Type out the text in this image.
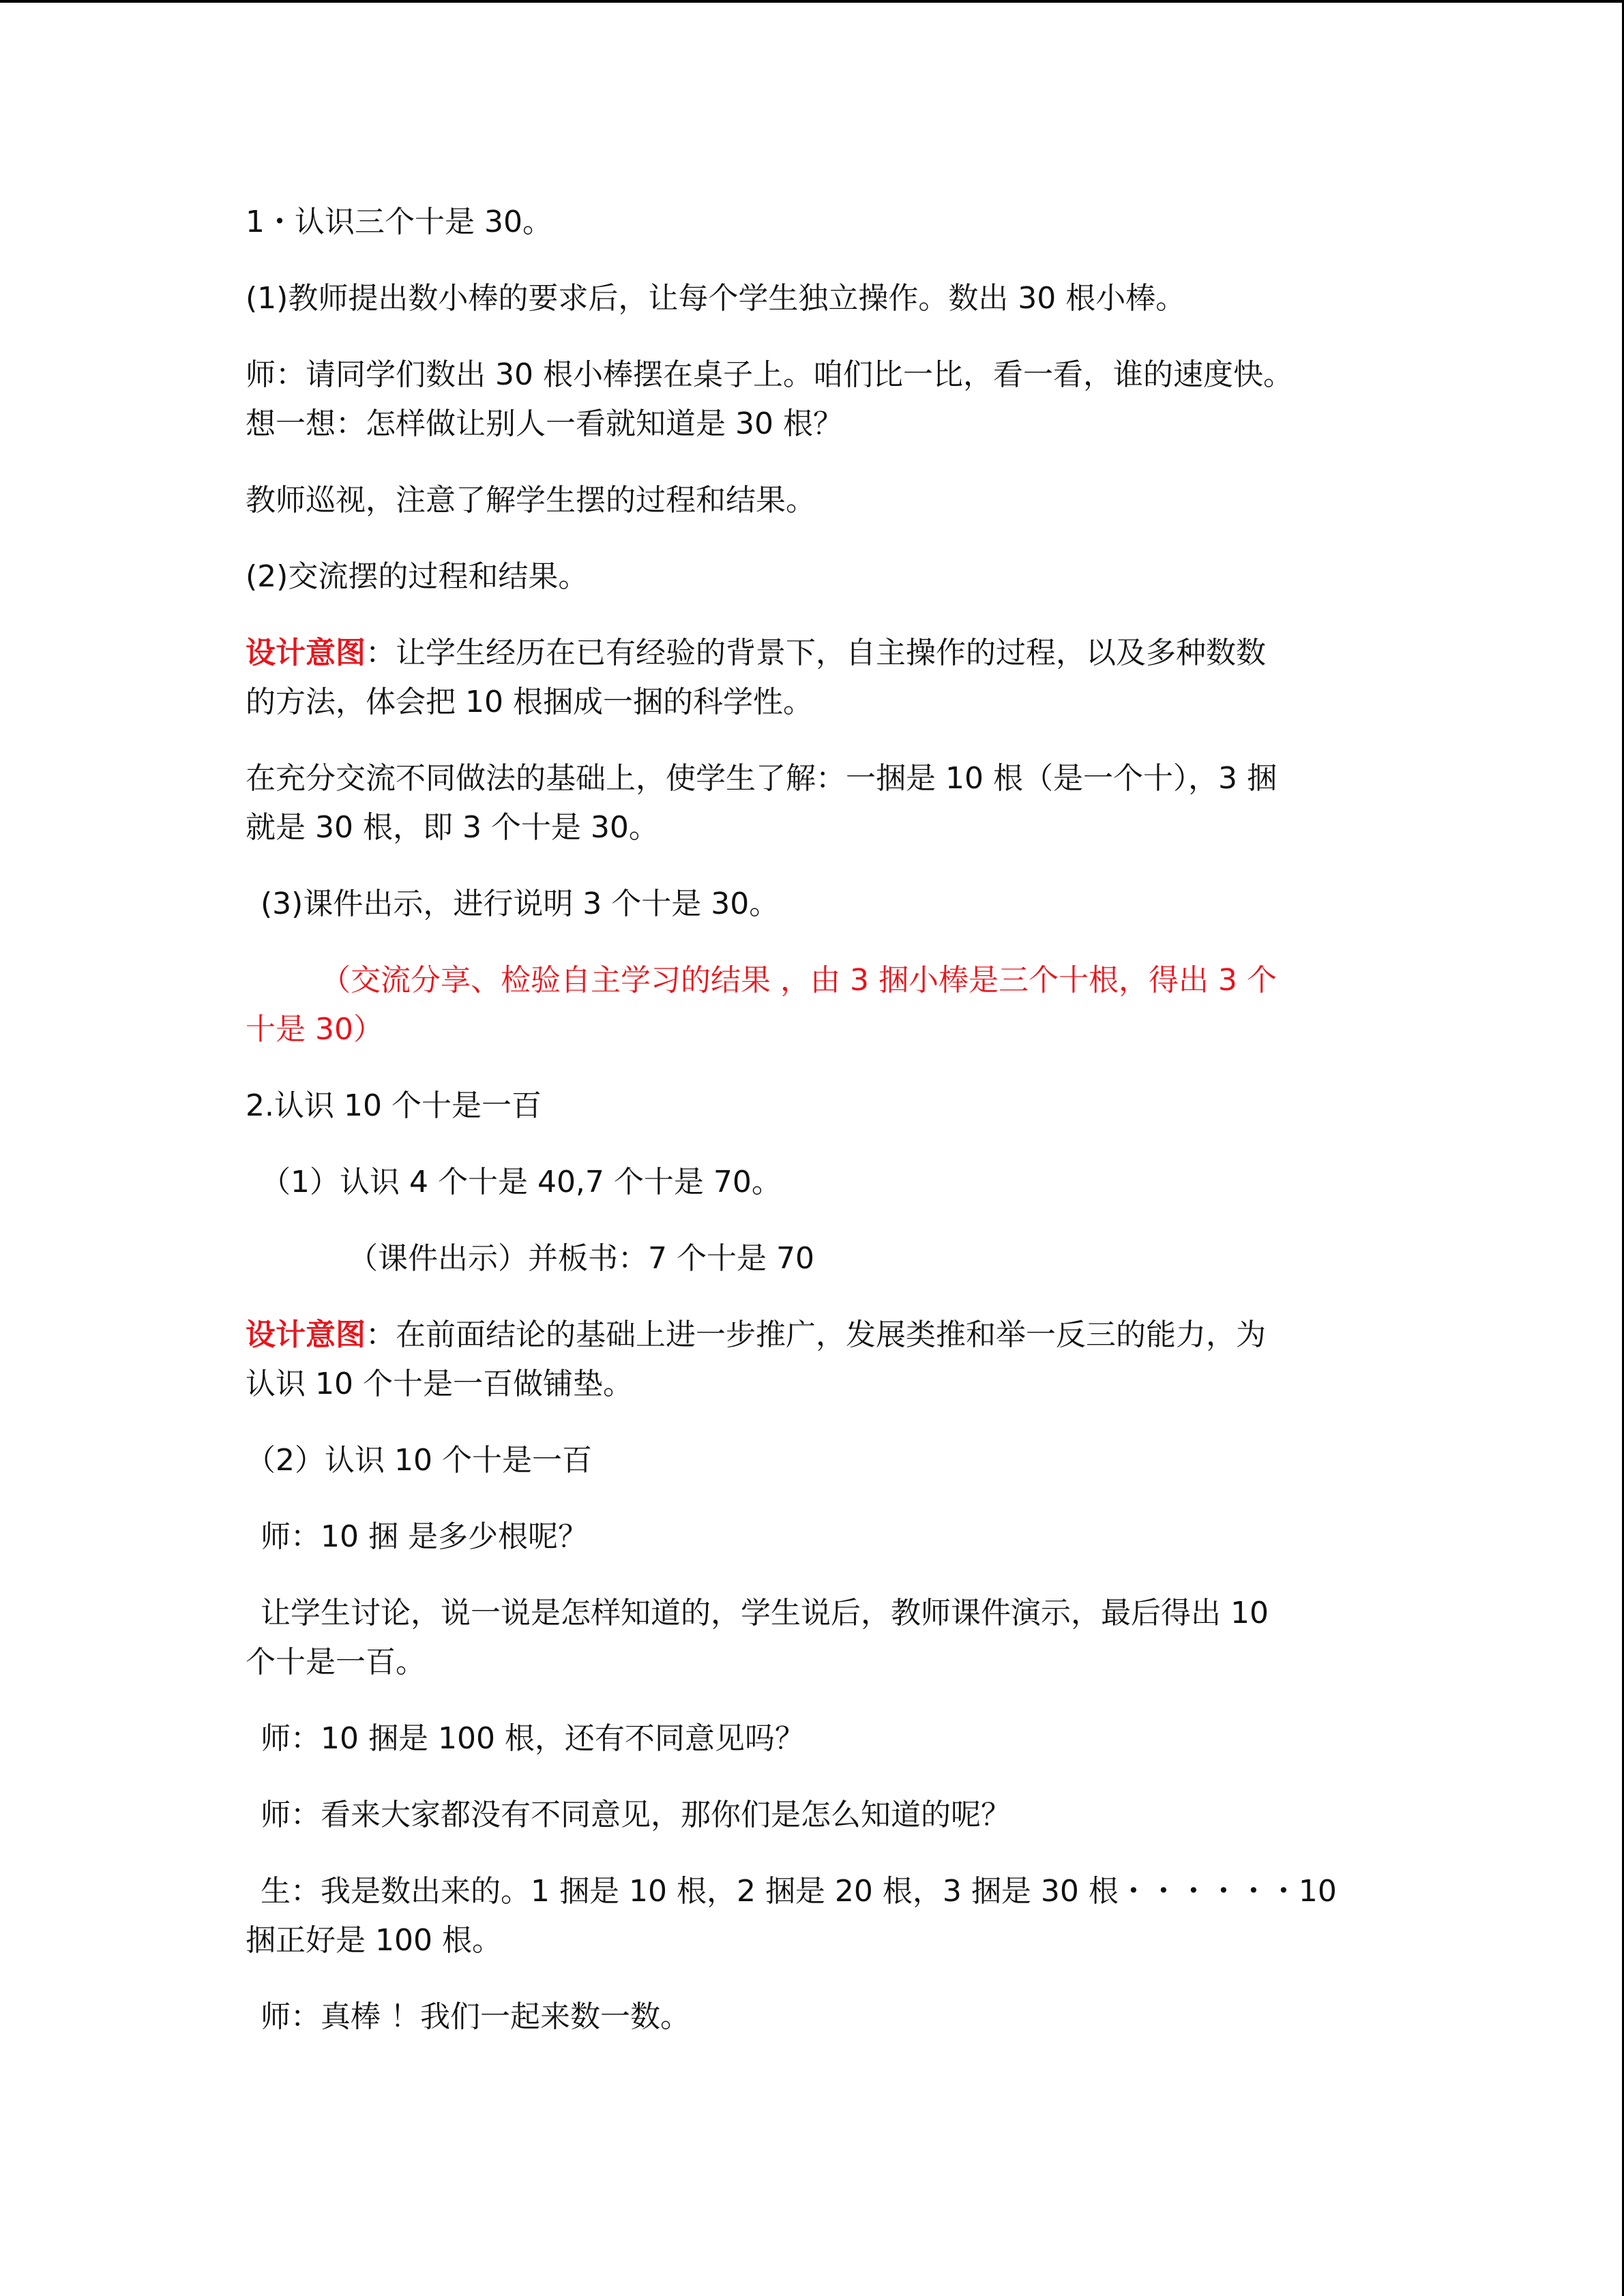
1・认识三个十是 30。
(1)教师提出数小棒的要求后，让每个学生独立操作。数出 30 根小棒。
师：请同学们数出 30 根小棒摆在桌子上。咱们比一比，看一看，谁的速度快。
想一想：怎样做让别人一看就知道是 30 根？
教师巡视，注意了解学生摆的过程和结果。
(2)交流摆的过程和结果。
设计意图：让学生经历在已有经验的背景下，自主操作的过程，以及多种数数
的方法，体会把 10 根捆成一捆的科学性。
在充分交流不同做法的基础上，使学生了解：一捆是 10 根（是一个十），3 捆
就是 30 根，即 3 个十是 30。
(3)课件出示，进行说明 3 个十是 30。
（交流分享、检验自主学习的结果 ，由 3 捆小棒是三个十根，得出 3 个
十是 30）
2.认识 10 个十是一百
（1）认识 4 个十是 40,7 个十是 70。
（课件出示）并板书：7 个十是 70
设计意图：在前面结论的基础上进一步推广，发展类推和举一反三的能力，为
认识 10 个十是一百做铺垫。
（2）认识 10 个十是一百
师：10 捆 是多少根呢？
让学生讨论，说一说是怎样知道的，学生说后，教师课件演示，最后得出 10
个十是一百。
师：10 捆是 100 根，还有不同意见吗？
师：看来大家都没有不同意见，那你们是怎么知道的呢？
生：我是数出来的。1 捆是 10 根，2 捆是 20 根，3 捆是 30 根・・・・・・10
捆正好是 100 根。
师：真棒 ！我们一起来数一数。
